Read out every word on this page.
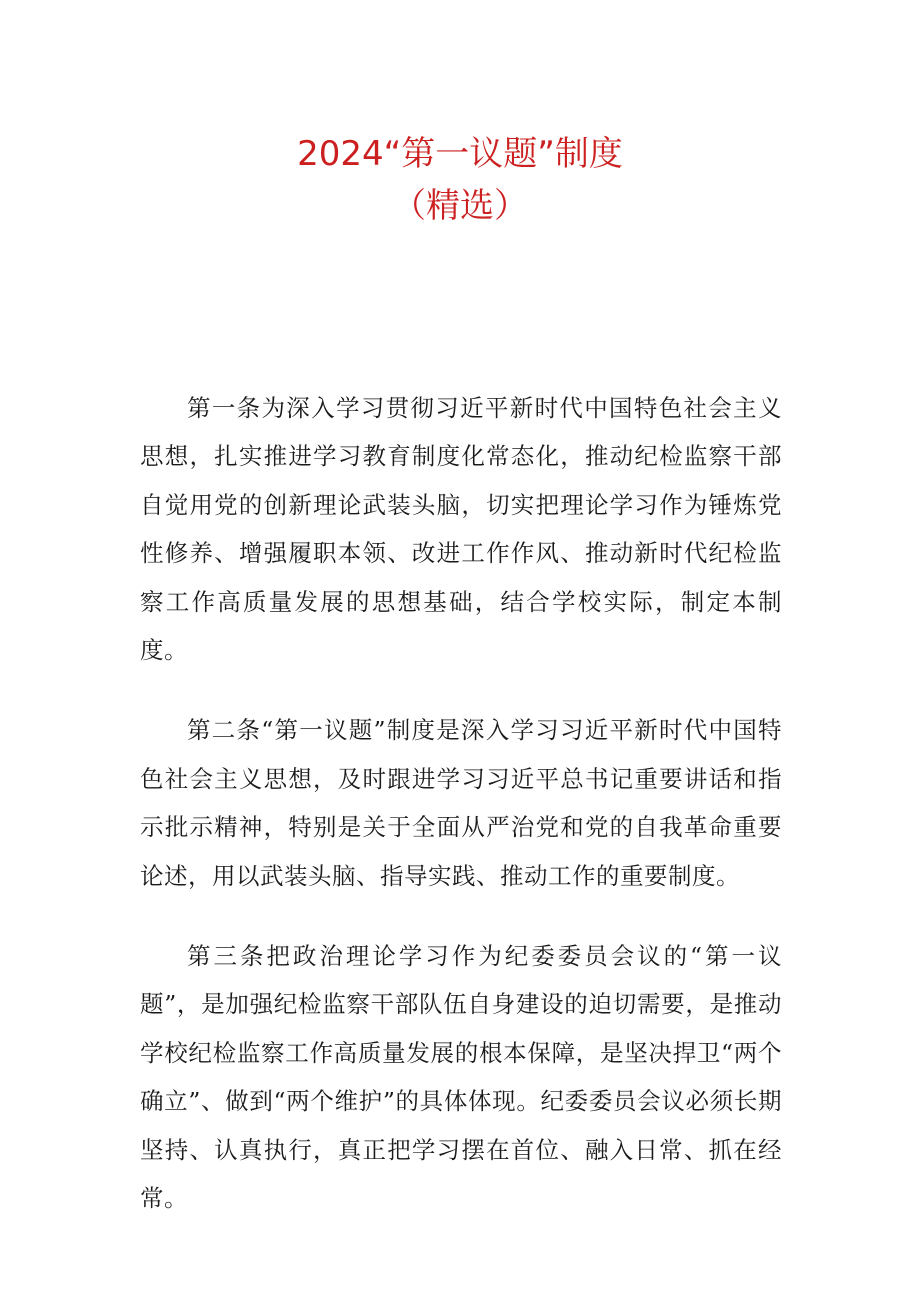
2024“第一议题”制度
（精选）

第一条为深入学习贯彻习近平新时代中国特色社会主义思想，扎实推进学习教育制度化常态化，推动纪检监察干部自觉用党的创新理论武装头脑，切实把理论学习作为锤炼党性修养、增强履职本领、改进工作作风、推动新时代纪检监察工作高质量发展的思想基础，结合学校实际，制定本制度。

第二条“第一议题”制度是深入学习习近平新时代中国特色社会主义思想，及时跟进学习习近平总书记重要讲话和指示批示精神，特别是关于全面从严治党和党的自我革命重要论述，用以武装头脑、指导实践、推动工作的重要制度。

第三条把政治理论学习作为纪委委员会议的“第一议题”，是加强纪检监察干部队伍自身建设的迫切需要，是推动学校纪检监察工作高质量发展的根本保障，是坚决捍卫“两个确立”、做到“两个维护”的具体体现。纪委委员会议必须长期坚持、认真执行，真正把学习摆在首位、融入日常、抓在经常。
